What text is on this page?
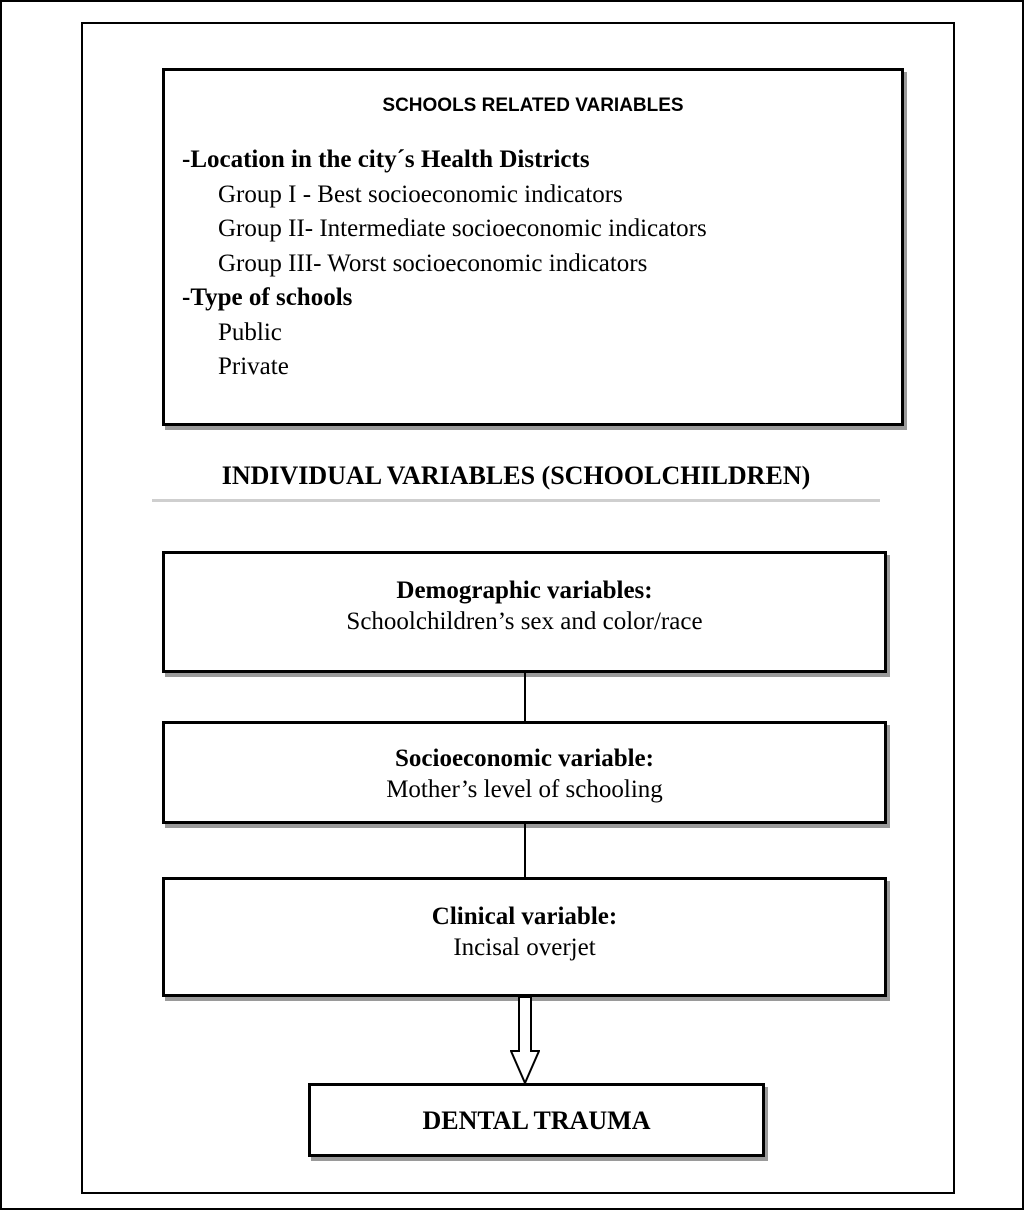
SCHOOLS RELATED VARIABLES
-Location in the city´s Health Districts
Group I - Best socioeconomic indicators
Group II- Intermediate socioeconomic indicators
Group III- Worst socioeconomic indicators
-Type of schools
Public
Private
INDIVIDUAL VARIABLES (SCHOOLCHILDREN)
Demographic variables:
Schoolchildren’s sex and color/race
Socioeconomic variable:
Mother’s level of schooling
Clinical variable:
Incisal overjet
DENTAL TRAUMA
